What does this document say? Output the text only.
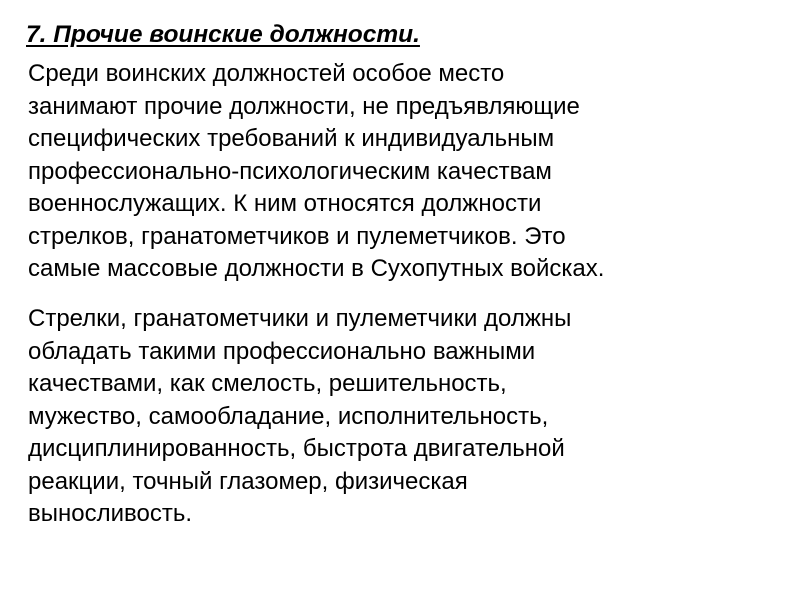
7. Прочие воинские должности.
Среди воинских должностей особое место
занимают прочие должности, не предъявляющие
специфических требований к индивидуальным
профессионально-психологическим качествам
военнослужащих. К ним относятся должности
стрелков, гранатометчиков и пулеметчиков. Это
самые массовые должности в Сухопутных войсках.
Стрелки, гранатометчики и пулеметчики должны
обладать такими профессионально важными
качествами, как смелость, решительность,
мужество, самообладание, исполнительность,
дисциплинированность, быстрота двигательной
реакции, точный глазомер, физическая
выносливость.
